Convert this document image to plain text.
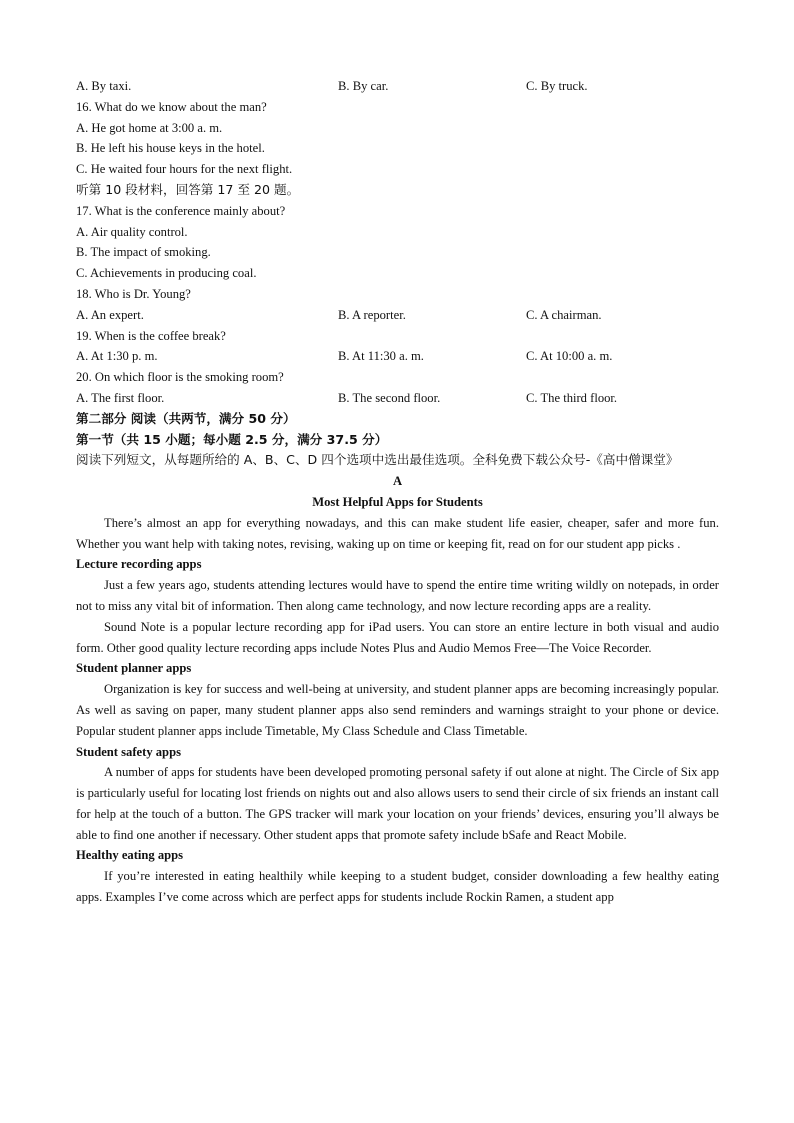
A. By taxi.	B. By car.	C. By truck.
16. What do we know about the man?
A. He got home at 3:00 a. m.
B. He left his house keys in the hotel.
C. He waited four hours for the next flight.
听第 10 段材料，回答第 17 至 20 题。
17. What is the conference mainly about?
A. Air quality control.
B. The impact of smoking.
C. Achievements in producing coal.
18. Who is Dr. Young?
A. An expert.	B. A reporter.	C. A chairman.
19. When is the coffee break?
A. At 1:30 p. m.	B. At 11:30 a. m.	C. At 10:00 a. m.
20. On which floor is the smoking room?
A. The first floor.	B. The second floor.	C. The third floor.
第二部分 阅读（共两节，满分 50 分）
第一节（共 15 小题；每小题 2.5 分，满分 37.5 分）
阅读下列短文，从每题所给的 A、B、C、D 四个选项中选出最佳选项。全科免费下载公众号-《高中僧课堂》
A
Most Helpful Apps for Students
There’s almost an app for everything nowadays, and this can make student life easier, cheaper, safer and more fun. Whether you want help with taking notes, revising, waking up on time or keeping fit, read on for our student app picks .
Lecture recording apps
Just a few years ago, students attending lectures would have to spend the entire time writing wildly on notepads, in order not to miss any vital bit of information. Then along came technology, and now lecture recording apps are a reality.
Sound Note is a popular lecture recording app for iPad users. You can store an entire lecture in both visual and audio form. Other good quality lecture recording apps include Notes Plus and Audio Memos Free—The Voice Recorder.
Student planner apps
Organization is key for success and well-being at university, and student planner apps are becoming increasingly popular. As well as saving on paper, many student planner apps also send reminders and warnings straight to your phone or device. Popular student planner apps include Timetable, My Class Schedule and Class Timetable.
Student safety apps
A number of apps for students have been developed promoting personal safety if out alone at night. The Circle of Six app is particularly useful for locating lost friends on nights out and also allows users to send their circle of six friends an instant call for help at the touch of a button. The GPS tracker will mark your location on your friends’ devices, ensuring you’ll always be able to find one another if necessary. Other student apps that promote safety include bSafe and React Mobile.
Healthy eating apps
If you’re interested in eating healthily while keeping to a student budget, consider downloading a few healthy eating apps. Examples I’ve come across which are perfect apps for students include Rockin Ramen, a student app
